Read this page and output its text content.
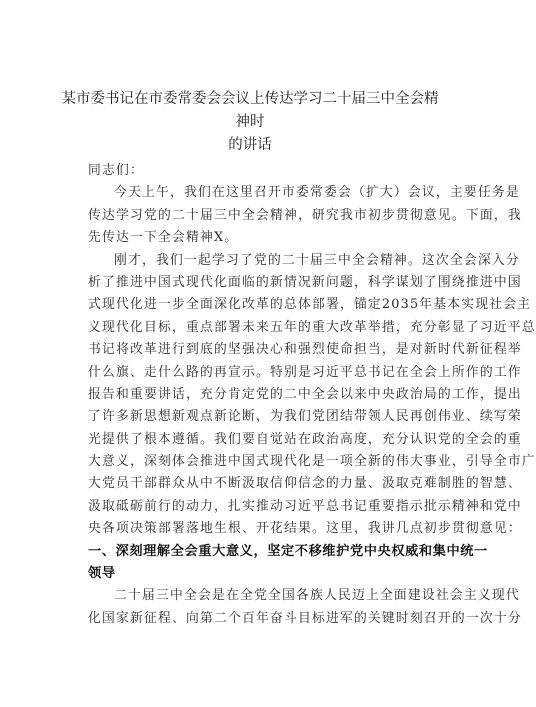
某市委书记在市委常委会会议上传达学习二十届三中全会精神时
的讲话
同志们：
今天上午，我们在这里召开市委常委会（扩大）会议，主要任务是
传达学习党的二十届三中全会精神，研究我市初步贯彻意见。下面，我
先传达一下全会精神X。
刚才，我们一起学习了党的二十届三中全会精神。这次全会深入分
析了推进中国式现代化面临的新情况新问题，科学谋划了围绕推进中国
式现代化进一步全面深化改革的总体部署，锚定2035年基本实现社会主
义现代化目标，重点部署未来五年的重大改革举措，充分彰显了习近平总
书记将改革进行到底的坚强决心和强烈使命担当，是对新时代新征程举
什么旗、走什么路的再宣示。特别是习近平总书记在全会上所作的工作
报告和重要讲话，充分肯定党的二中全会以来中央政治局的工作，提出
了许多新思想新观点新论断，为我们党团结带领人民再创伟业、续写荣
光提供了根本遵循。我们要自觉站在政治高度，充分认识党的全会的重
大意义，深刻体会推进中国式现代化是一项全新的伟大事业，引导全市广
大党员干部群众从中不断汲取信仰信念的力量、汲取克难制胜的智慧、
汲取砥砺前行的动力，扎实推动习近平总书记重要指示批示精神和党中
央各项决策部署落地生根、开花结果。这里，我讲几点初步贯彻意见：
一、深刻理解全会重大意义，坚定不移维护党中央权威和集中统一
领导
二十届三中全会是在全党全国各族人民迈上全面建设社会主义现代
化国家新征程、向第二个百年奋斗目标进军的关键时刻召开的一次十分
